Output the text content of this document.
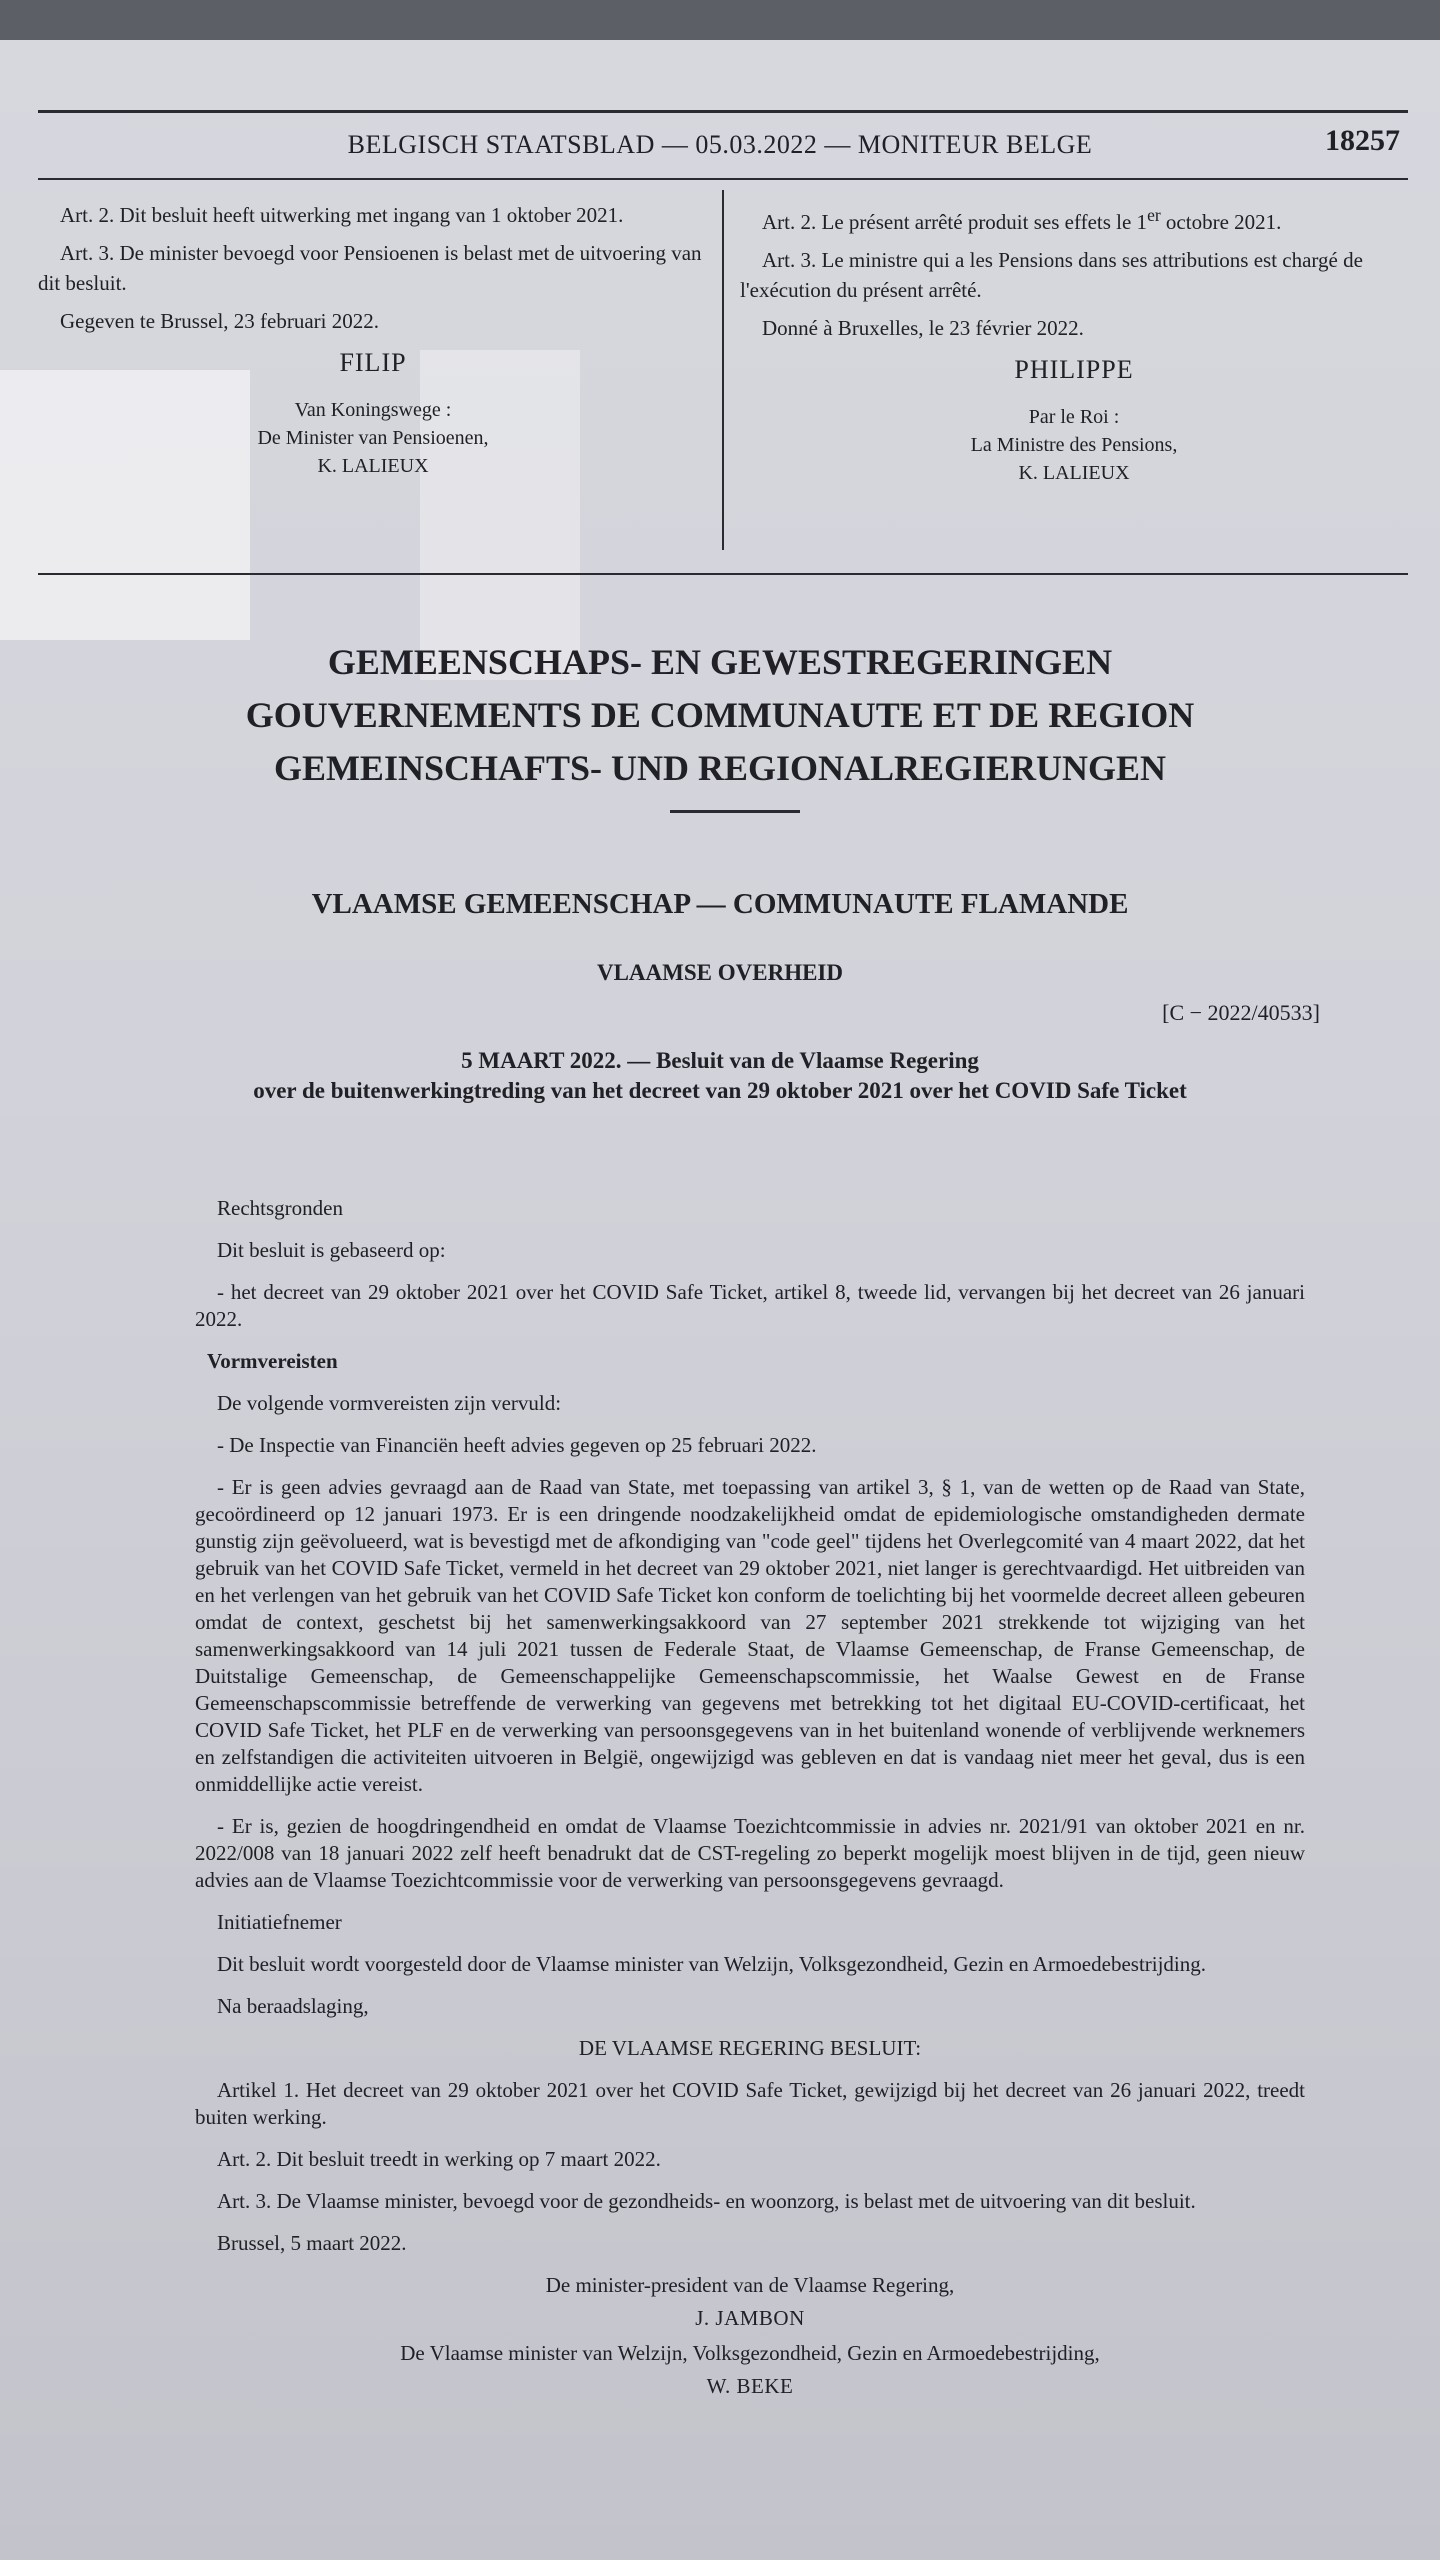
BELGISCH STAATSBLAD — 05.03.2022 — MONITEUR BELGE	18257

Art. 2. Dit besluit heeft uitwerking met ingang van 1 oktober 2021.

Art. 3. De minister bevoegd voor Pensioenen is belast met de uitvoering van dit besluit.

Gegeven te Brussel, 23 februari 2022.

FILIP
Van Koningswege :
De Minister van Pensioenen,
K. LALIEUX

Art. 2. Le présent arrêté produit ses effets le 1er octobre 2021.

Art. 3. Le ministre qui a les Pensions dans ses attributions est chargé de l'exécution du présent arrêté.

Donné à Bruxelles, le 23 février 2022.

PHILIPPE
Par le Roi :
La Ministre des Pensions,
K. LALIEUX
GEMEENSCHAPS- EN GEWESTREGERINGEN
GOUVERNEMENTS DE COMMUNAUTE ET DE REGION
GEMEINSCHAFTS- UND REGIONALREGIERUNGEN
VLAAMSE GEMEENSCHAP — COMMUNAUTE FLAMANDE
VLAAMSE OVERHEID
[C − 2022/40533]
5 MAART 2022. — Besluit van de Vlaamse Regering
over de buitenwerkingtreding van het decreet van 29 oktober 2021 over het COVID Safe Ticket

Rechtsgronden

Dit besluit is gebaseerd op:

- het decreet van 29 oktober 2021 over het COVID Safe Ticket, artikel 8, tweede lid, vervangen bij het decreet van 26 januari 2022.

Vormvereisten

De volgende vormvereisten zijn vervuld:

- De Inspectie van Financiën heeft advies gegeven op 25 februari 2022.

- Er is geen advies gevraagd aan de Raad van State, met toepassing van artikel 3, § 1, van de wetten op de Raad van State, gecoördineerd op 12 januari 1973. Er is een dringende noodzakelijkheid omdat de epidemiologische omstandigheden dermate gunstig zijn geëvolueerd, wat is bevestigd met de afkondiging van "code geel" tijdens het Overlegcomité van 4 maart 2022, dat het gebruik van het COVID Safe Ticket, vermeld in het decreet van 29 oktober 2021, niet langer is gerechtvaardigd. Het uitbreiden van en het verlengen van het gebruik van het COVID Safe Ticket kon conform de toelichting bij het voormelde decreet alleen gebeuren omdat de context, geschetst bij het samenwerkingsakkoord van 27 september 2021 strekkende tot wijziging van het samenwerkingsakkoord van 14 juli 2021 tussen de Federale Staat, de Vlaamse Gemeenschap, de Franse Gemeenschap, de Duitstalige Gemeenschap, de Gemeenschappelijke Gemeenschapscommissie, het Waalse Gewest en de Franse Gemeenschapscommissie betreffende de verwerking van gegevens met betrekking tot het digitaal EU-COVID-certificaat, het COVID Safe Ticket, het PLF en de verwerking van persoonsgegevens van in het buitenland wonende of verblijvende werknemers en zelfstandigen die activiteiten uitvoeren in België, ongewijzigd was gebleven en dat is vandaag niet meer het geval, dus is een onmiddellijke actie vereist.

- Er is, gezien de hoogdringendheid en omdat de Vlaamse Toezichtcommissie in advies nr. 2021/91 van oktober 2021 en nr. 2022/008 van 18 januari 2022 zelf heeft benadrukt dat de CST-regeling zo beperkt mogelijk moest blijven in de tijd, geen nieuw advies aan de Vlaamse Toezichtcommissie voor de verwerking van persoonsgegevens gevraagd.

Initiatiefnemer

Dit besluit wordt voorgesteld door de Vlaamse minister van Welzijn, Volksgezondheid, Gezin en Armoedebestrijding.

Na beraadslaging,

DE VLAAMSE REGERING BESLUIT:

Artikel 1. Het decreet van 29 oktober 2021 over het COVID Safe Ticket, gewijzigd bij het decreet van 26 januari 2022, treedt buiten werking.

Art. 2. Dit besluit treedt in werking op 7 maart 2022.

Art. 3. De Vlaamse minister, bevoegd voor de gezondheids- en woonzorg, is belast met de uitvoering van dit besluit.

Brussel, 5 maart 2022.

De minister-president van de Vlaamse Regering,

J. JAMBON

De Vlaamse minister van Welzijn, Volksgezondheid, Gezin en Armoedebestrijding,

W. BEKE
